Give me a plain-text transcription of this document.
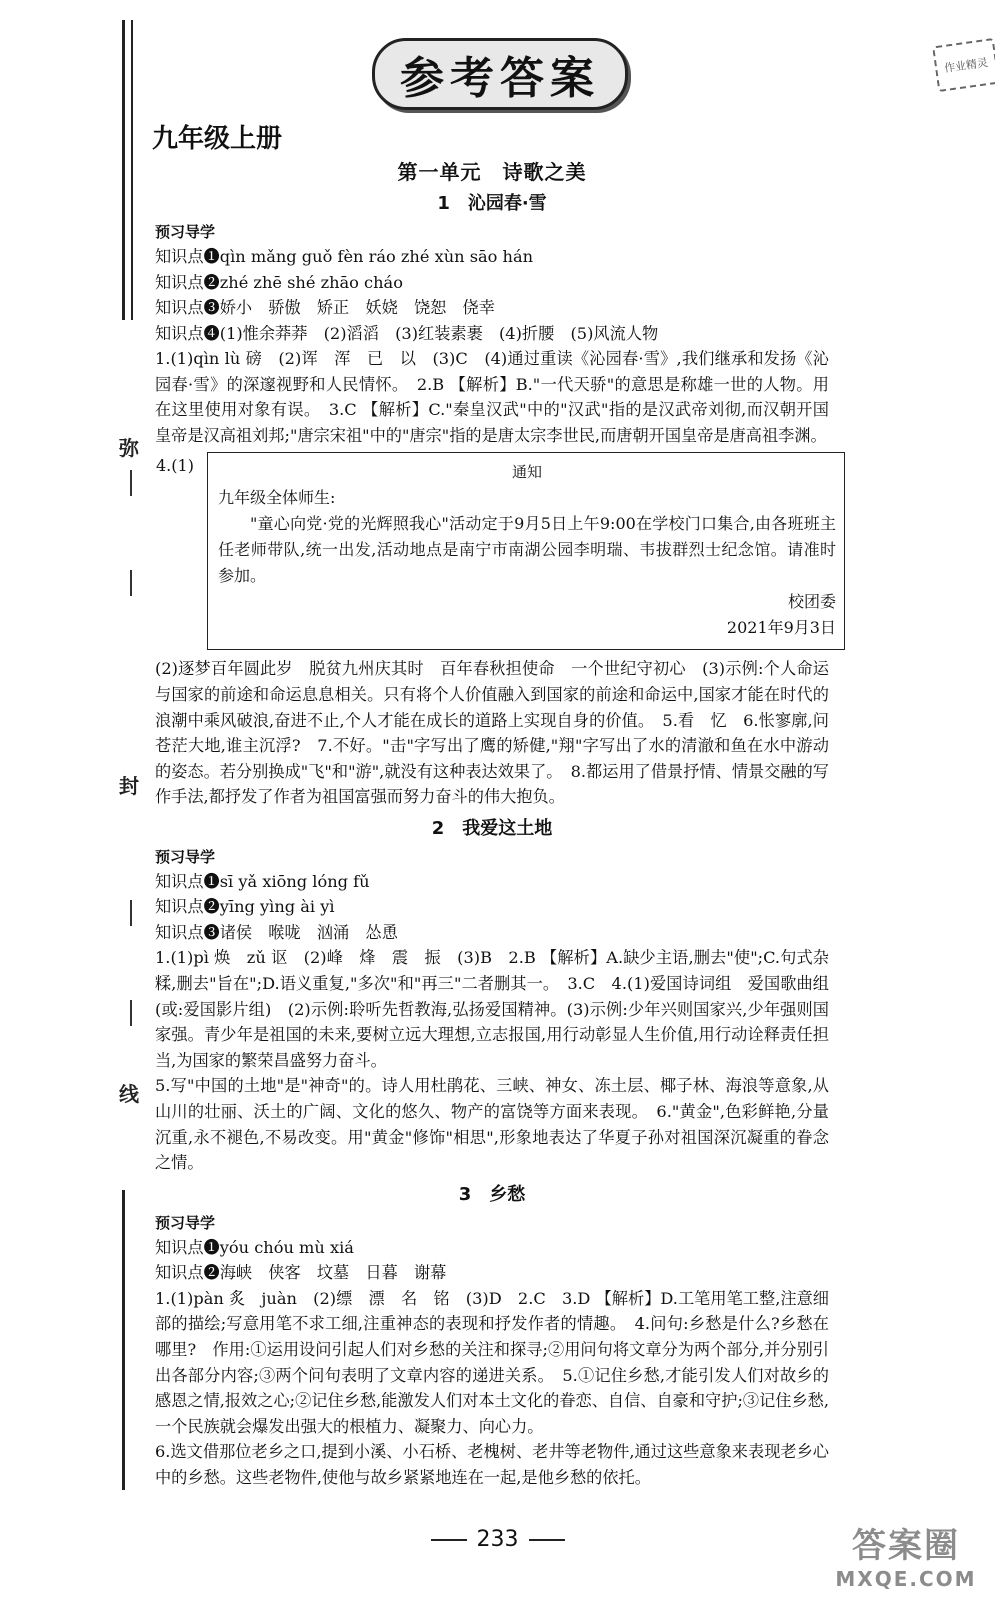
弥
封
线
参考答案	作业精灵
九年级上册
第一单元　诗歌之美
1　沁园春·雪
预习导学
知识点❶qìn mǎng guǒ fèn ráo zhé xùn sāo hán
知识点❷zhé zhē shé zhāo cháo
知识点❸娇小　骄傲　矫正　妖娆　饶恕　侥幸
知识点❹(1)惟余莽莽　(2)滔滔　(3)红装素裹　(4)折腰　(5)风流人物
1.(1)qìn lù 磅　(2)诨　浑　已　以　(3)C　(4)通过重读《沁园春·雪》,我们继承和发扬《沁园春·雪》的深邃视野和人民情怀。　2.B 【解析】B."一代天骄"的意思是称雄一世的人物。用在这里使用对象有误。　3.C 【解析】C."秦皇汉武"中的"汉武"指的是汉武帝刘彻,而汉朝开国皇帝是汉高祖刘邦;"唐宗宋祖"中的"唐宗"指的是唐太宗李世民,而唐朝开国皇帝是唐高祖李渊。
4.(1)	通知
九年级全体师生:
"童心向党·党的光辉照我心"活动定于9月5日上午9:00在学校门口集合,由各班班主任老师带队,统一出发,活动地点是南宁市南湖公园李明瑞、韦拔群烈士纪念馆。请准时参加。
校团委
2021年9月3日
(2)逐梦百年圆此岁　脱贫九州庆其时　百年春秋担使命　一个世纪守初心　(3)示例:个人命运与国家的前途和命运息息相关。只有将个人价值融入到国家的前途和命运中,国家才能在时代的浪潮中乘风破浪,奋进不止,个人才能在成长的道路上实现自身的价值。　5.看　忆　6.怅寥廓,问苍茫大地,谁主沉浮?　7.不好。"击"字写出了鹰的矫健,"翔"字写出了水的清澈和鱼在水中游动的姿态。若分别换成"飞"和"游",就没有这种表达效果了。　8.都运用了借景抒情、情景交融的写作手法,都抒发了作者为祖国富强而努力奋斗的伟大抱负。
2　我爱这土地
预习导学
知识点❶sī yǎ xiōng lóng fǔ
知识点❷yīng yìng ài yì
知识点❸诸侯　喉咙　汹涌　怂恿
1.(1)pì 焕　zǔ 讴　(2)峰　烽　震　振　(3)B　2.B 【解析】A.缺少主语,删去"使";C.句式杂糅,删去"旨在";D.语义重复,"多次"和"再三"二者删其一。　3.C　4.(1)爱国诗词组　爱国歌曲组(或:爱国影片组)　(2)示例:聆听先哲教海,弘扬爱国精神。(3)示例:少年兴则国家兴,少年强则国家强。青少年是祖国的未来,要树立远大理想,立志报国,用行动彰显人生价值,用行动诠释责任担当,为国家的繁荣昌盛努力奋斗。
5.写"中国的土地"是"神奇"的。诗人用杜鹃花、三峡、神女、冻土层、椰子林、海浪等意象,从山川的壮丽、沃土的广阔、文化的悠久、物产的富饶等方面来表现。　6."黄金",色彩鲜艳,分量沉重,永不褪色,不易改变。用"黄金"修饰"相思",形象地表达了华夏子孙对祖国深沉凝重的眷念之情。
3　乡愁
预习导学
知识点❶yóu chóu mù xiá
知识点❷海峡　侠客　坟墓　日暮　谢幕
1.(1)pàn 炙　juàn　(2)缥　漂　名　铭　(3)D　2.C　3.D 【解析】D.工笔用笔工整,注意细部的描绘;写意用笔不求工细,注重神态的表现和抒发作者的情趣。　4.问句:乡愁是什么?乡愁在哪里?　作用:①运用设问引起人们对乡愁的关注和探寻;②用问句将文章分为两个部分,并分别引出各部分内容;③两个问句表明了文章内容的递进关系。　5.①记住乡愁,才能引发人们对故乡的感恩之情,报效之心;②记住乡愁,能激发人们对本土文化的眷恋、自信、自豪和守护;③记住乡愁,一个民族就会爆发出强大的根植力、凝聚力、向心力。
6.选文借那位老乡之口,提到小溪、小石桥、老槐树、老井等老物件,通过这些意象来表现老乡心中的乡愁。这些老物件,使他与故乡紧紧地连在一起,是他乡愁的依托。
233	答案圈
MXQE.COM
